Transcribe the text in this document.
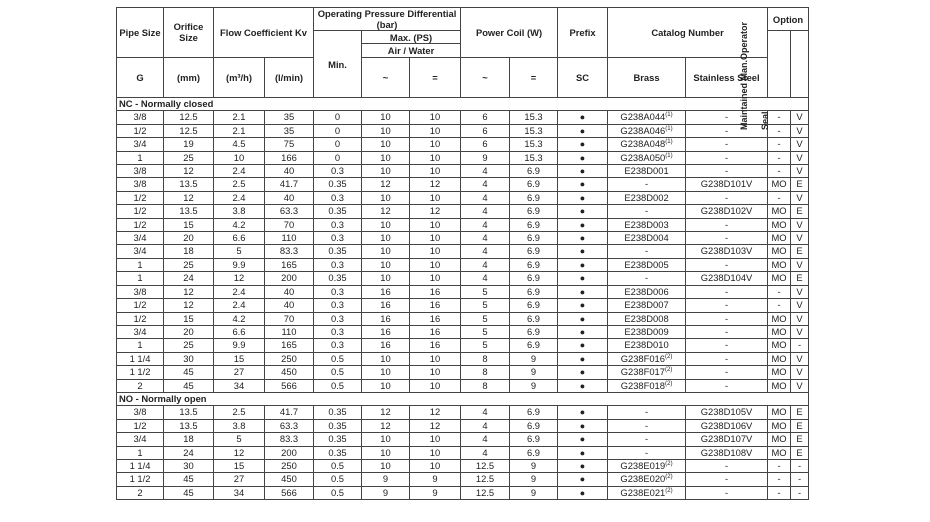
Pipe Size	Orifice Size	Flow Coefficient Kv		Operating Pressure Differential (bar)			Power Coil (W)		Prefix	Catalog Number		Option	
				Min.	Max. (PS)							Maintained Man.Operator	Seal

					Air / Water								
G	(mm)	(m³/h)	(l/min)		~	=	~	=	SC	Brass	Stainless Steel		
NC - Normally closed													
3/8	12.5	2.1	35	0	10	10	6	15.3	●	G238A044$^{(1)}$	-	-	V
1/2	12.5	2.1	35	0	10	10	6	15.3	●	G238A046$^{(1)}$	-	-	V
3/4	19	4.5	75	0	10	10	6	15.3	●	G238A048$^{(1)}$	-	-	V
1	25	10	166	0	10	10	9	15.3	●	G238A050$^{(1)}$	-	-	V
3/8	12	2.4	40	0.3	10	10	4	6.9	●	E238D001	-	-	V
3/8	13.5	2.5	41.7	0.35	12	12	4	6.9	●	-	G238D101V	MO	E
1/2	12	2.4	40	0.3	10	10	4	6.9	●	E238D002	-	-	V
1/2	13.5	3.8	63.3	0.35	12	12	4	6.9	●	-	G238D102V	MO	E
1/2	15	4.2	70	0.3	10	10	4	6.9	●	E238D003	-	MO	V
3/4	20	6.6	110	0.3	10	10	4	6.9	●	E238D004	-	MO	V
3/4	18	5	83.3	0.35	10	10	4	6.9	●	-	G238D103V	MO	E
1	25	9.9	165	0.3	10	10	4	6.9	●	E238D005	-	MO	V
1	24	12	200	0.35	10	10	4	6.9	●	-	G238D104V	MO	E
3/8	12	2.4	40	0.3	16	16	5	6.9	●	E238D006	-	-	V
1/2	12	2.4	40	0.3	16	16	5	6.9	●	E238D007	-	-	V
1/2	15	4.2	70	0.3	16	16	5	6.9	●	E238D008	-	MO	V
3/4	20	6.6	110	0.3	16	16	5	6.9	●	E238D009	-	MO	V
1	25	9.9	165	0.3	16	16	5	6.9	●	E238D010	-	MO	-
1 1/4	30	15	250	0.5	10	10	8	9	●	G238F016$^{(2)}$	-	MO	V
1 1/2	45	27	450	0.5	10	10	8	9	●	G238F017$^{(2)}$	-	MO	V
2	45	34	566	0.5	10	10	8	9	●	G238F018$^{(2)}$	-	MO	V
NO - Normally open													
3/8	13.5	2.5	41.7	0.35	12	12	4	6.9	●	-	G238D105V	MO	E
1/2	13.5	3.8	63.3	0.35	12	12	4	6.9	●	-	G238D106V	MO	E
3/4	18	5	83.3	0.35	10	10	4	6.9	●	-	G238D107V	MO	E
1	24	12	200	0.35	10	10	4	6.9	●	-	G238D108V	MO	E
1 1/4	30	15	250	0.5	10	10	12.5	9	●	G238E019$^{(2)}$	-	-	-
1 1/2	45	27	450	0.5	9	9	12.5	9	●	G238E020$^{(2)}$	-	-	-
2	45	34	566	0.5	9	9	12.5	9	●	G238E021$^{(2)}$	-	-	-
